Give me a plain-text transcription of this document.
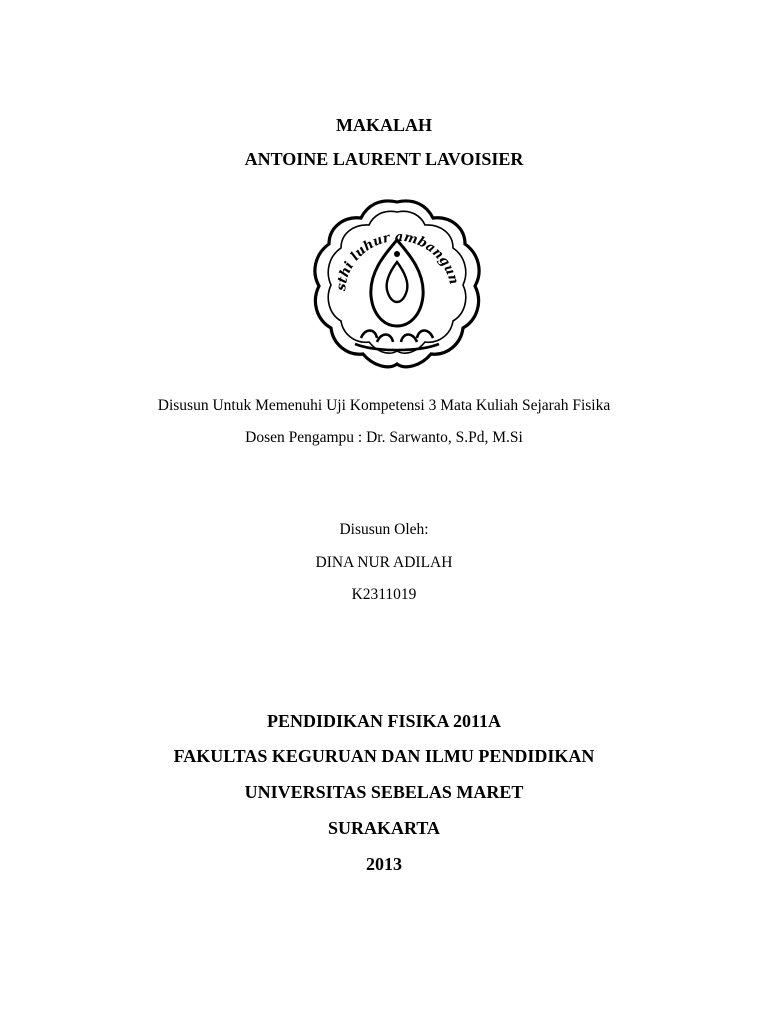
MAKALAH
ANTOINE LAURENT LAVOISIER
sthi luhur ambangun
Disusun Untuk Memenuhi Uji Kompetensi 3 Mata Kuliah Sejarah Fisika
Dosen Pengampu : Dr. Sarwanto, S.Pd, M.Si
Disusun Oleh:
DINA NUR ADILAH
K2311019
PENDIDIKAN FISIKA 2011A
FAKULTAS KEGURUAN DAN ILMU PENDIDIKAN
UNIVERSITAS SEBELAS MARET
SURAKARTA
2013
